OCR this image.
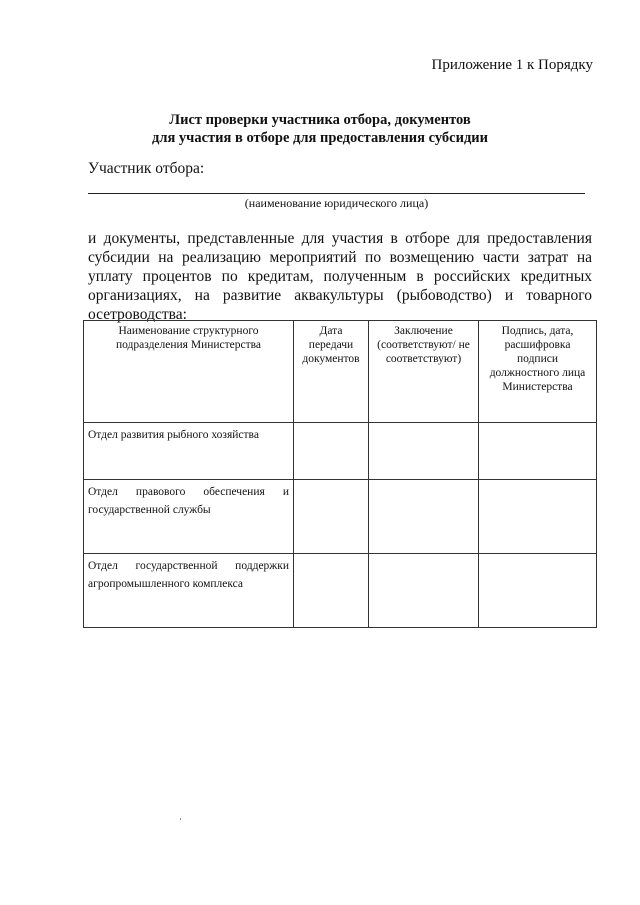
Приложение 1 к Порядку
Лист проверки участника отбора, документов
для участия в отборе для предоставления субсидии
Участник отбора:
(наименование юридического лица)
и документы, представленные для участия в отборе для предоставления субсидии на реализацию мероприятий по возмещению части затрат на уплату процентов по кредитам, полученным в российских кредитных организациях, на развитие аквакультуры (рыбоводство) и товарного осетроводства:
Наименование структурного подразделения Министерства	Дата передачи документов	Заключение (соответствуют/ не соответствуют)	Подпись, дата, расшифровка подписи должностного лица Министерства
Отдел развития рыбного хозяйства			
Отдел правового обеспечения и государственной службы			
Отдел государственной поддержки агропромышленного комплекса			
